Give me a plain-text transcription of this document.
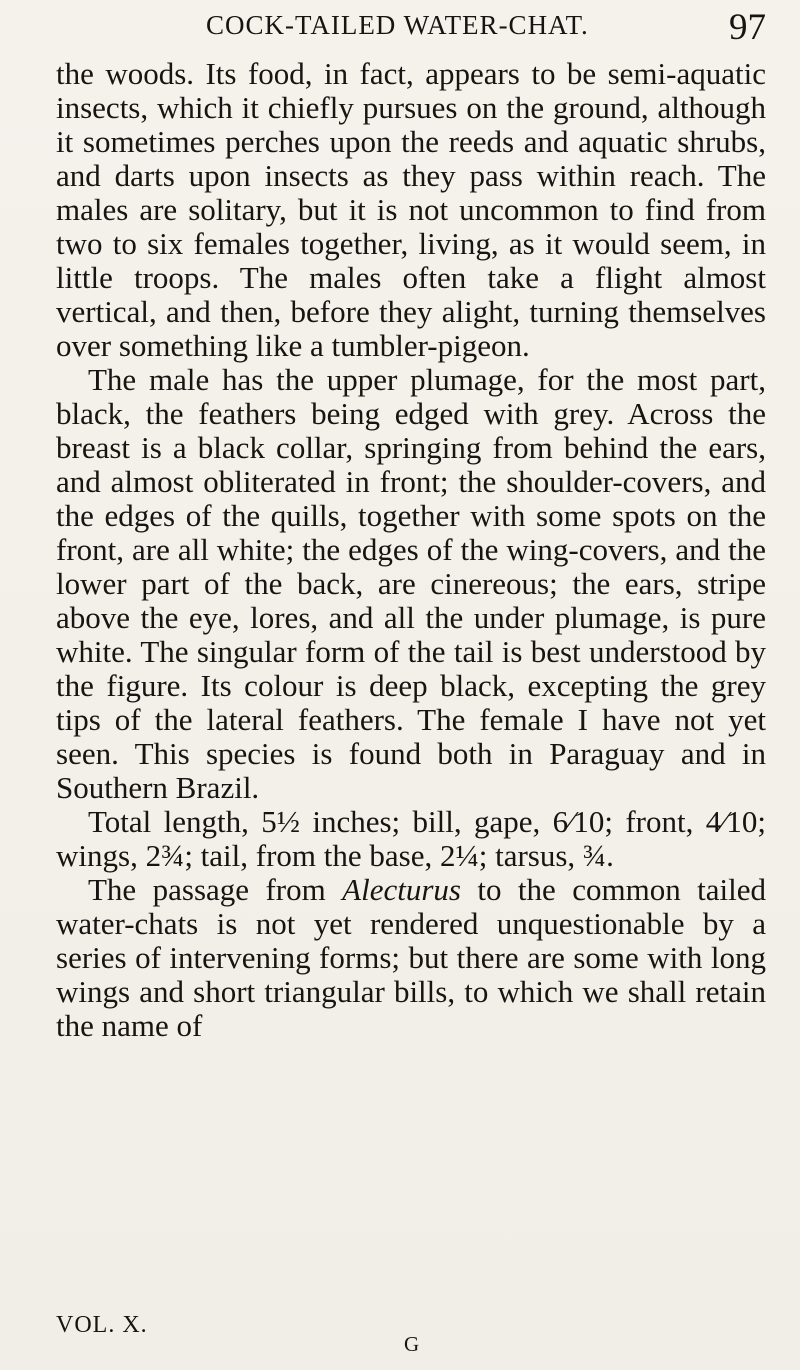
COCK-TAILED WATER-CHAT.	97

the woods. Its food, in fact, appears to be semi-aquatic insects, which it chiefly pursues on the ground, although it sometimes perches upon the reeds and aquatic shrubs, and darts upon insects as they pass within reach. The males are solitary, but it is not uncommon to find from two to six females together, living, as it would seem, in little troops. The males often take a flight almost vertical, and then, before they alight, turning themselves over something like a tumbler-pigeon.

The male has the upper plumage, for the most part, black, the feathers being edged with grey. Across the breast is a black collar, springing from behind the ears, and almost obliterated in front; the shoulder-covers, and the edges of the quills, together with some spots on the front, are all white; the edges of the wing-covers, and the lower part of the back, are cinereous; the ears, stripe above the eye, lores, and all the under plumage, is pure white. The singular form of the tail is best understood by the figure. Its colour is deep black, excepting the grey tips of the lateral feathers. The female I have not yet seen. This species is found both in Paraguay and in Southern Brazil.

Total length, 5½ inches; bill, gape, 6⁄10; front, 4⁄10; wings, 2¾; tail, from the base, 2¼; tarsus, ¾.

The passage from Alecturus to the common tailed water-chats is not yet rendered unquestionable by a series of intervening forms; but there are some with long wings and short triangular bills, to which we shall retain the name of

VOL. X.
G
